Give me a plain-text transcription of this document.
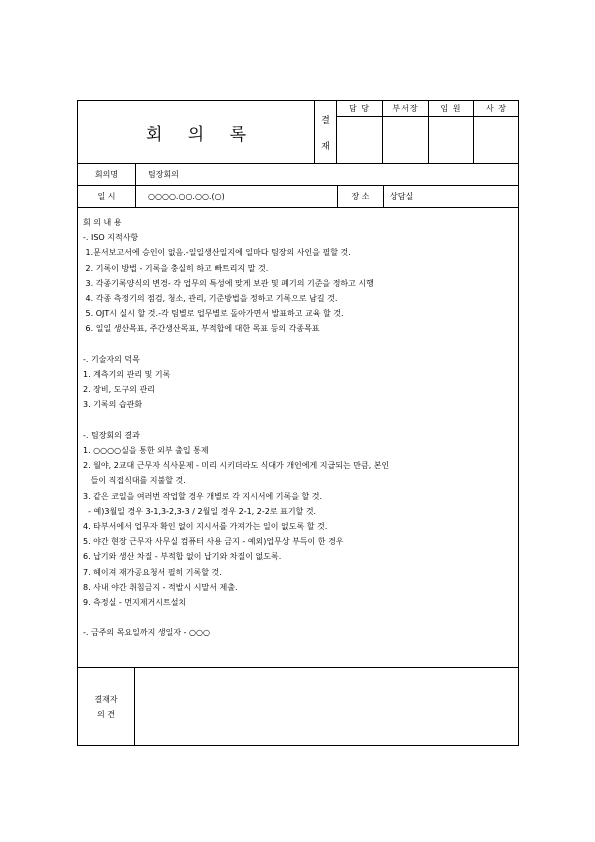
회 의 록
결
재
담 당	부서장	임 원	사 장
회의명	팀장회의
일 시	○○○○.○○.○○.(○)	장 소	상담실
회 의 내 용
-. ISO 지적사항
1.문서보고서에 승인이 없음.-일일생산일지에 일마다 팀장의 사인을 필할 것.
2. 기록이 방법 - 기록을 충실히 하고 빠트리지 말 것.
3. 각종기록양식의 변경- 각 업무의 특성에 맞게 보관 및 폐기의 기준을 정하고 시행
4. 각종 측정기의 점검, 청소, 관리, 기준방법을 정하고 기록으로 남길 것.
5. OJT시 실시 할 것.-각 팀별로 업무별로 돌아가면서 발표하고 교육 할 것.
6. 일일 생산목표, 주간생산목표, 부적합에 대한 목표 등의 각종목표
-. 기술자의 덕목
1. 계측기의 관리 및 기록
2. 장비, 도구의 관리
3. 기록의 습관화
-. 팀장회의 결과
1. ○○○○실을 통한 외부 출입 통제
2. 월야, 2교대 근무자 식사문제 - 미리 시키더라도 식대가 개인에게 지급되는 만큼, 본인
들이 직접식대를 지불할 것.
3. 같은 코일을 여러번 작업할 경우 개별로 각 지시서에 기록을 할 것.
- 예)3월일 경우 3-1,3-2,3-3 / 2월일 경우 2-1, 2-2로 표기할 것.
4. 타부서에서 업무자 확인 없이 지시서를 가져가는 일이 없도록 할 것.
5. 야간 현장 근무자 사무실 컴퓨터 사용 금지 - 예외)업무상 부득이 한 경우
6. 납기와 생산 차질 - 부적합 없이 납기와 차질이 없도록.
7. 헤이져 재가공요청서 필히 기록할 것.
8. 사내 야간 취침금지 - 적발시 시말서 제출.
9. 측정실 - 먼지제거시트설치
-. 금주의 목요일까지 생일자 - ○○○
결재자
의 견
